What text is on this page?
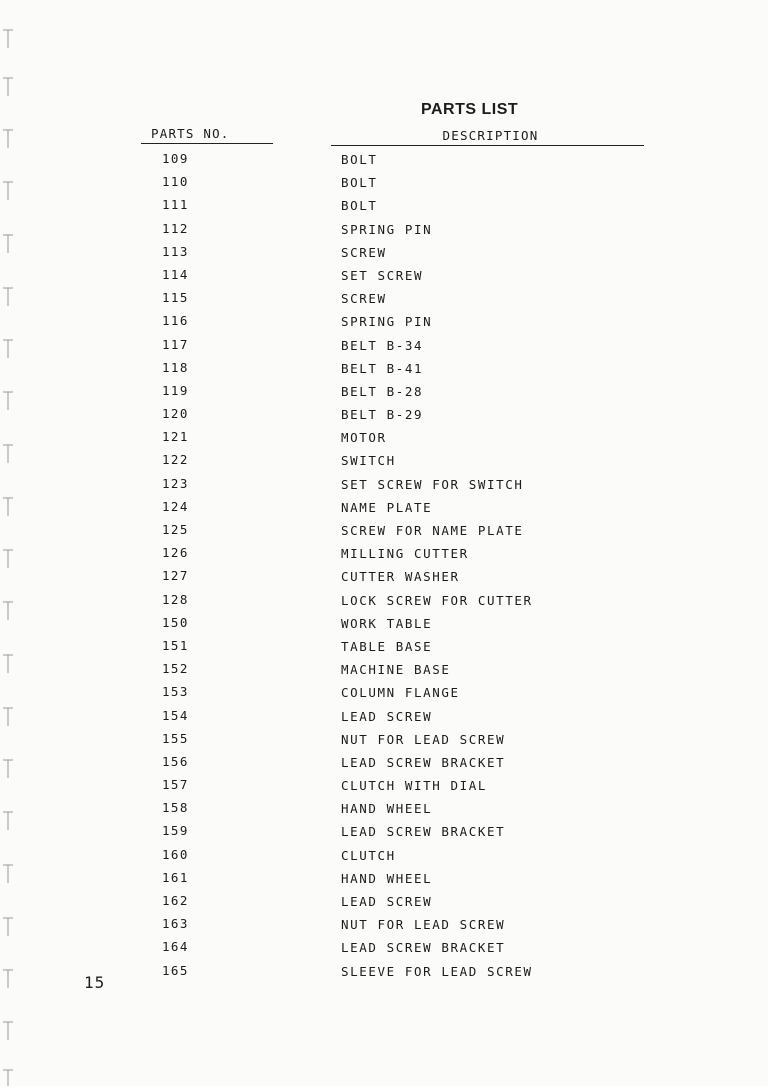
PARTS LIST
PARTS NO.	DESCRIPTION
109	BOLT
110	BOLT
111	BOLT
112	SPRING PIN
113	SCREW
114	SET SCREW
115	SCREW
116	SPRING PIN
117	BELT B-34
118	BELT B-41
119	BELT B-28
120	BELT B-29
121	MOTOR
122	SWITCH
123	SET SCREW FOR SWITCH
124	NAME PLATE
125	SCREW FOR NAME PLATE
126	MILLING CUTTER
127	CUTTER WASHER
128	LOCK SCREW FOR CUTTER
150	WORK TABLE
151	TABLE BASE
152	MACHINE BASE
153	COLUMN FLANGE
154	LEAD SCREW
155	NUT FOR LEAD SCREW
156	LEAD SCREW BRACKET
157	CLUTCH WITH DIAL
158	HAND WHEEL
159	LEAD SCREW BRACKET
160	CLUTCH
161	HAND WHEEL
162	LEAD SCREW
163	NUT FOR LEAD SCREW
164	LEAD SCREW BRACKET
165	SLEEVE FOR LEAD SCREW
15
